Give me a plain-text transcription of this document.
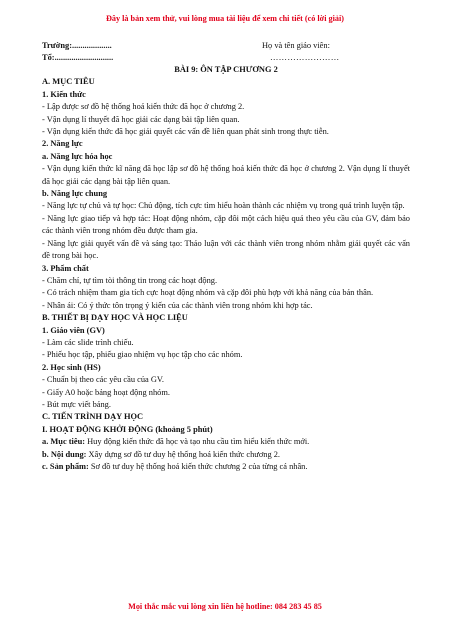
Đây là bản xem thử, vui lòng mua tài liệu để xem chi tiết (có lời giải)
Trường:...................
Tổ:............................
Họ và tên giáo viên:
……………………

BÀI 9: ÔN TẬP CHƯƠNG 2

A. MỤC TIÊU

1. Kiến thức

- Lập được sơ đồ hệ thống hoá kiến thức đã học ở chương 2.

- Vận dụng lí thuyết đã học giải các dạng bài tập liên quan.

- Vận dụng kiến thức đã học giải quyết các vấn đề liên quan phát sinh trong thực tiễn.

2. Năng lực

a. Năng lực hóa học

- Vận dụng kiến thức kĩ năng đã học lập sơ đồ hệ thống hoá kiến thức đã học ở chương 2. Vận dụng lí thuyết đã học giải các dạng bài tập liên quan.

b. Năng lực chung

- Năng lực tự chủ và tự học: Chủ động, tích cực tìm hiểu hoàn thành các nhiệm vụ trong quá trình luyện tập.

- Năng lực giao tiếp và hợp tác: Hoạt động nhóm, cặp đôi một cách hiệu quả theo yêu cầu của GV, đảm bảo các thành viên trong nhóm đều được tham gia.

- Năng lực giải quyết vấn đề và sáng tạo: Thảo luận với các thành viên trong nhóm nhằm giải quyết các vấn đề trong bài học.

3. Phẩm chất

- Chăm chỉ, tự tìm tòi thông tin trong các hoạt động.

- Có trách nhiệm tham gia tích cực hoạt động nhóm và cặp đôi phù hợp với khả năng của bản thân.

- Nhân ái: Có ý thức tôn trọng ý kiến của các thành viên trong nhóm khi hợp tác.

B. THIẾT BỊ DẠY HỌC VÀ HỌC LIỆU

1. Giáo viên (GV)

- Làm các slide trình chiếu.

- Phiếu học tập, phiếu giao nhiệm vụ học tập cho các nhóm.

2. Học sinh (HS)

- Chuẩn bị theo các yêu cầu của GV.

- Giấy A0 hoặc bảng hoạt động nhóm.

- Bút mực viết bảng.

C. TIẾN TRÌNH DẠY HỌC

I. HOẠT ĐỘNG KHỞI ĐỘNG (khoảng 5 phút)

a. Mục tiêu: Huy động kiến thức đã học và tạo nhu cầu tìm hiểu kiến thức mới.

b. Nội dung: Xây dựng sơ đồ tư duy hệ thống hoá kiến thức chương 2.

c. Sản phẩm: Sơ đồ tư duy hệ thống hoá kiến thức chương 2 của từng cá nhân.

Mọi thắc mắc vui lòng xin liên hệ hotline: 084 283 45 85
